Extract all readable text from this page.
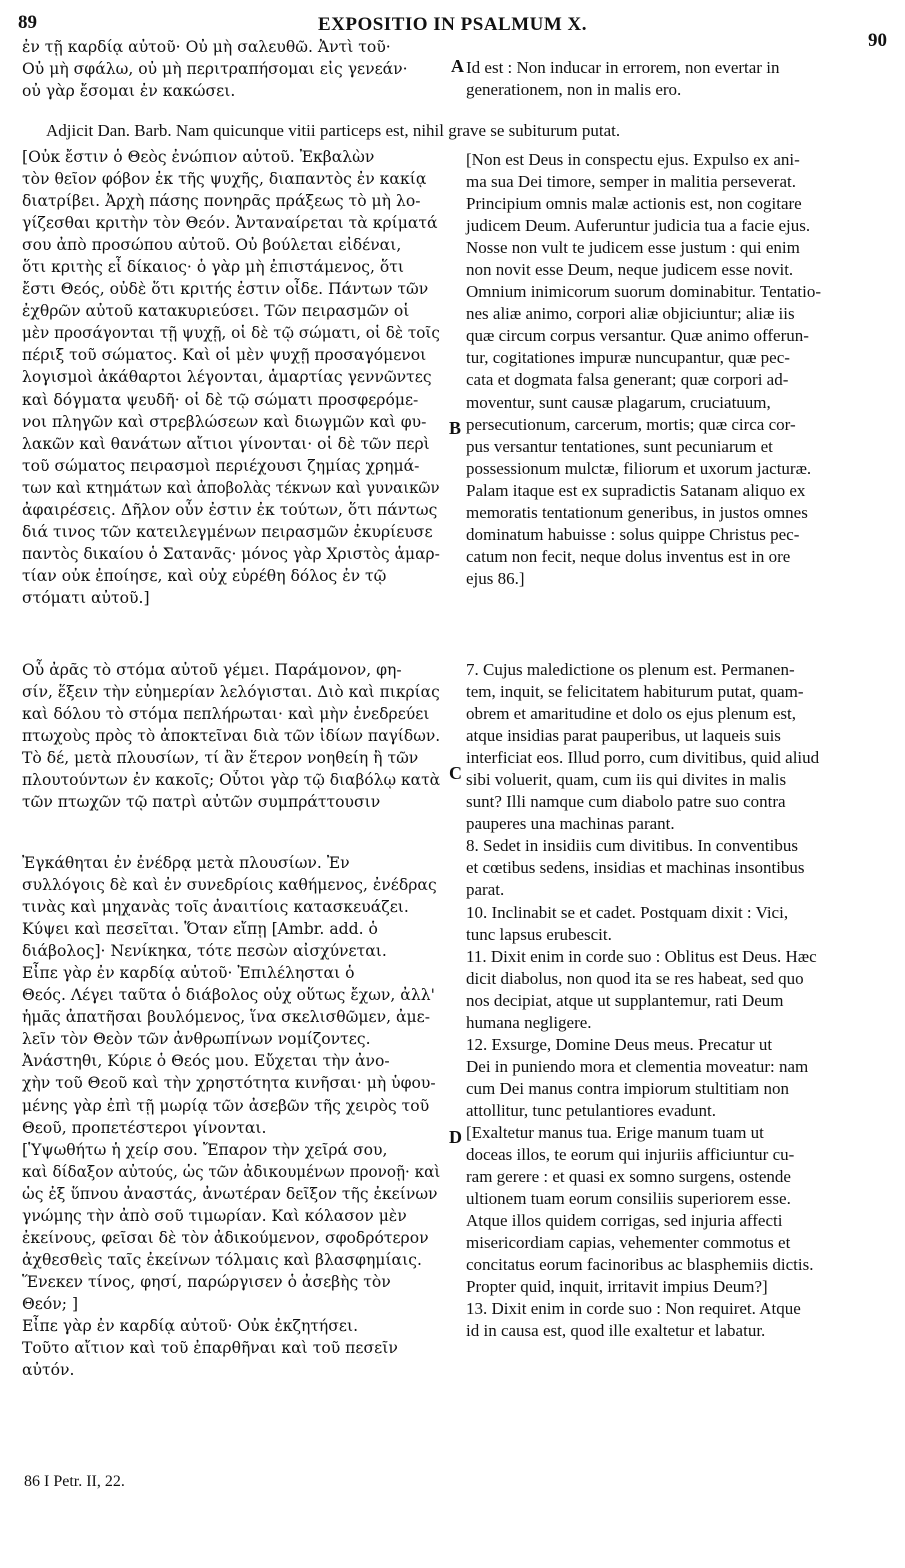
89	EXPOSITIO IN PSALMUM X.
90
A
B
C
D
ἐν τῇ καρδίᾳ αὐτοῦ· Οὐ μὴ σαλευθῶ. Ἀντὶ τοῦ·
Οὐ μὴ σφάλω, οὐ μὴ περιτραπήσομαι εἰς γενεάν·
οὐ γὰρ ἔσομαι ἐν κακώσει.
Id est : Non inducar in errorem, non evertar in
generationem, non in malis ero.
Adjicit Dan. Barb. Nam quicunque vitii particeps est, nihil grave se subiturum putat.
[Οὐκ ἔστιν ὁ Θεὸς ἐνώπιον αὐτοῦ. Ἐκβαλὼν
τὸν θεῖον φόβον ἐκ τῆς ψυχῆς, διαπαντὸς ἐν κακίᾳ
διατρίβει. Ἀρχὴ πάσης πονηρᾶς πράξεως τὸ μὴ λο-
γίζεσθαι κριτὴν τὸν Θεόν. Ἀνταναίρεται τὰ κρίματά
σου ἀπὸ προσώπου αὐτοῦ. Οὐ βούλεται εἰδέναι,
ὅτι κριτὴς εἶ δίκαιος· ὁ γὰρ μὴ ἐπιστάμενος, ὅτι
ἔστι Θεός, οὐδὲ ὅτι κριτής ἐστιν οἶδε. Πάντων τῶν
ἐχθρῶν αὐτοῦ κατακυριεύσει. Τῶν πειρασμῶν οἱ
μὲν προσάγονται τῇ ψυχῇ, οἱ δὲ τῷ σώματι, οἱ δὲ τοῖς
πέριξ τοῦ σώματος. Καὶ οἱ μὲν ψυχῇ προσαγόμενοι
λογισμοὶ ἀκάθαρτοι λέγονται, ἁμαρτίας γεννῶντες
καὶ δόγματα ψευδῆ· οἱ δὲ τῷ σώματι προσφερόμε-
νοι πληγῶν καὶ στρεβλώσεων καὶ διωγμῶν καὶ φυ-
λακῶν καὶ θανάτων αἴτιοι γίνονται· οἱ δὲ τῶν περὶ
τοῦ σώματος πειρασμοὶ περιέχουσι ζημίας χρημά-
των καὶ κτημάτων καὶ ἀποβολὰς τέκνων καὶ γυναικῶν
ἀφαιρέσεις. Δῆλον οὖν ἐστιν ἐκ τούτων, ὅτι πάντως
διά τινος τῶν κατειλεγμένων πειρασμῶν ἐκυρίευσε
παντὸς δικαίου ὁ Σατανᾶς· μόνος γὰρ Χριστὸς ἁμαρ-
τίαν οὐκ ἐποίησε, καὶ οὐχ εὑρέθη δόλος ἐν τῷ
στόματι αὐτοῦ.]
Οὗ ἀρᾶς τὸ στόμα αὐτοῦ γέμει. Παράμονον, φη-
σίν, ἕξειν τὴν εὐημερίαν λελόγισται. Διὸ καὶ πικρίας
καὶ δόλου τὸ στόμα πεπλήρωται· καὶ μὴν ἐνεδρεύει
πτωχοὺς πρὸς τὸ ἀποκτεῖναι διὰ τῶν ἰδίων παγίδων.
Τὸ δέ, μετὰ πλουσίων, τί ἂν ἕτερον νοηθείη ἢ τῶν
πλουτούντων ἐν κακοῖς; Οὗτοι γὰρ τῷ διαβόλῳ κατὰ
τῶν πτωχῶν τῷ πατρὶ αὐτῶν συμπράττουσιν
Ἐγκάθηται ἐν ἐνέδρᾳ μετὰ πλουσίων. Ἐν
συλλόγοις δὲ καὶ ἐν συνεδρίοις καθήμενος, ἐνέδρας
τινὰς καὶ μηχανὰς τοῖς ἀναιτίοις κατασκευάζει.
Κύψει καὶ πεσεῖται. Ὅταν εἴπῃ [Ambr. add. ὁ
διάβολος]· Νενίκηκα, τότε πεσὼν αἰσχύνεται.
Εἶπε γὰρ ἐν καρδίᾳ αὐτοῦ· Ἐπιλέλησται ὁ
Θεός. Λέγει ταῦτα ὁ διάβολος οὐχ οὕτως ἔχων, ἀλλ'
ἡμᾶς ἀπατῆσαι βουλόμενος, ἵνα σκελισθῶμεν, ἀμε-
λεῖν τὸν Θεὸν τῶν ἀνθρωπίνων νομίζοντες.
Ἀνάστηθι, Κύριε ὁ Θεός μου. Εὔχεται τὴν ἀνο-
χὴν τοῦ Θεοῦ καὶ τὴν χρηστότητα κινῆσαι· μὴ ὑφου-
μένης γὰρ ἐπὶ τῇ μωρίᾳ τῶν ἀσεβῶν τῆς χειρὸς τοῦ
Θεοῦ, προπετέστεροι γίνονται.
[Ὑψωθήτω ἡ χείρ σου. Ἔπαρον τὴν χεῖρά σου,
καὶ δίδαξον αὐτούς, ὡς τῶν ἀδικουμένων προνοῇ· καὶ
ὡς ἐξ ὕπνου ἀναστάς, ἀνωτέραν δεῖξον τῆς ἐκείνων
γνώμης τὴν ἀπὸ σοῦ τιμωρίαν. Καὶ κόλασον μὲν
ἐκείνους, φεῖσαι δὲ τὸν ἀδικούμενον, σφοδρότερον
ἀχθεσθεὶς ταῖς ἐκείνων τόλμαις καὶ βλασφημίαις.
Ἕνεκεν τίνος, φησί, παρώργισεν ὁ ἀσεβὴς τὸν
Θεόν; ]
Εἶπε γὰρ ἐν καρδίᾳ αὐτοῦ· Οὐκ ἐκζητήσει.
Τοῦτο αἴτιον καὶ τοῦ ἐπαρθῆναι καὶ τοῦ πεσεῖν
αὐτόν.
[Non est Deus in conspectu ejus. Expulso ex ani-
ma sua Dei timore, semper in malitia perseverat.
Principium omnis malæ actionis est, non cogitare
judicem Deum. Auferuntur judicia tua a facie ejus.
Nosse non vult te judicem esse justum : qui enim
non novit esse Deum, neque judicem esse novit.
Omnium inimicorum suorum dominabitur. Tentatio-
nes aliæ animo, corpori aliæ objiciuntur; aliæ iis
quæ circum corpus versantur. Quæ animo offerun-
tur, cogitationes impuræ nuncupantur, quæ pec-
cata et dogmata falsa generant; quæ corpori ad-
moventur, sunt causæ plagarum, cruciatuum,
persecutionum, carcerum, mortis; quæ circa cor-
pus versantur tentationes, sunt pecuniarum et
possessionum mulctæ, filiorum et uxorum jacturæ.
Palam itaque est ex supradictis Satanam aliquo ex
memoratis tentationum generibus, in justos omnes
dominatum habuisse : solus quippe Christus pec-
catum non fecit, neque dolus inventus est in ore
ejus 86.]
7. Cujus maledictione os plenum est. Permanen-
tem, inquit, se felicitatem habiturum putat, quam-
obrem et amaritudine et dolo os ejus plenum est,
atque insidias parat pauperibus, ut laqueis suis
interficiat eos. Illud porro, cum divitibus, quid aliud
sibi voluerit, quam, cum iis qui divites in malis
sunt? Illi namque cum diabolo patre suo contra
pauperes una machinas parant.
8. Sedet in insidiis cum divitibus. In conventibus
et cœtibus sedens, insidias et machinas insontibus
parat.
10. Inclinabit se et cadet. Postquam dixit : Vici,
tunc lapsus erubescit.
11. Dixit enim in corde suo : Oblitus est Deus. Hæc
dicit diabolus, non quod ita se res habeat, sed quo
nos decipiat, atque ut supplantemur, rati Deum
humana negligere.
12. Exsurge, Domine Deus meus. Precatur ut
Dei in puniendo mora et clementia moveatur: nam
cum Dei manus contra impiorum stultitiam non
attollitur, tunc petulantiores evadunt.
[Exaltetur manus tua. Erige manum tuam ut
doceas illos, te eorum qui injuriis afficiuntur cu-
ram gerere : et quasi ex somno surgens, ostende
ultionem tuam eorum consiliis superiorem esse.
Atque illos quidem corrigas, sed injuria affecti
misericordiam capias, vehementer commotus et
concitatus eorum facinoribus ac blasphemiis dictis.
Propter quid, inquit, irritavit impius Deum?]
13. Dixit enim in corde suo : Non requiret. Atque
id in causa est, quod ille exaltetur et labatur.
86 I Petr. II, 22.
